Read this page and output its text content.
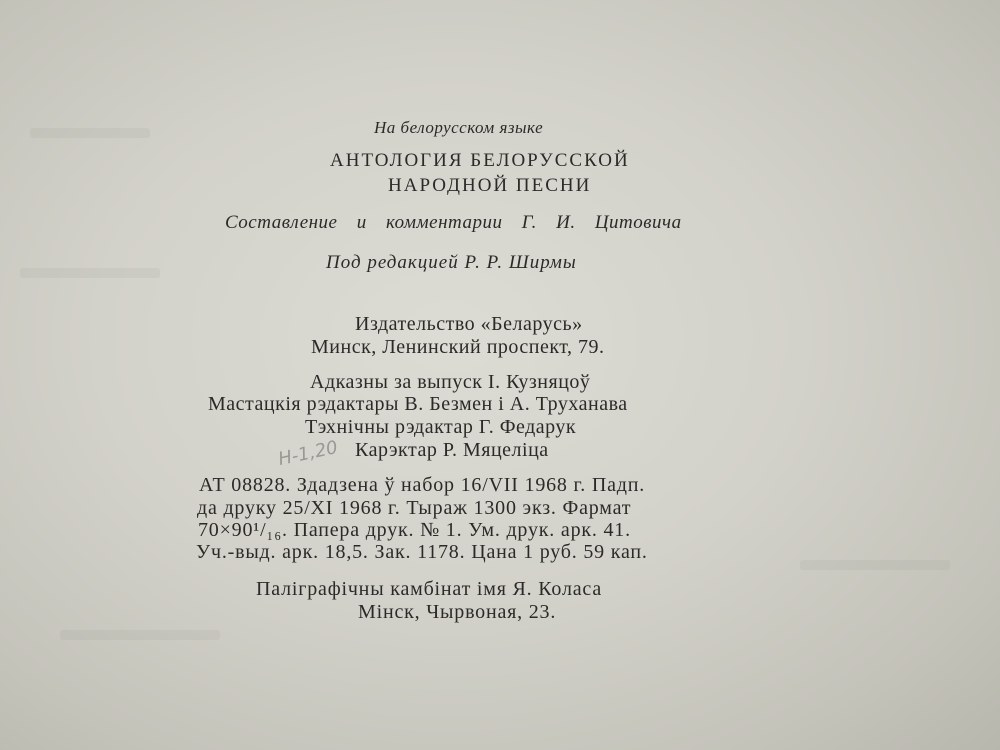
На белорусском языке
АНТОЛОГИЯ БЕЛОРУССКОЙ
НАРОДНОЙ ПЕСНИ
Составление и комментарии Г. И. Цитовича
Под редакцией Р. Р. Ширмы
Издательство «Беларусь»
Минск, Ленинский проспект, 79.
Адказны за выпуск І. Кузняцоў
Мастацкія рэдактары В. Безмен і А. Труханава
Тэхнічны рэдактар Г. Федарук
Карэктар Р. Мяцеліца
Н-1,20
АТ 08828. Здадзена ў набор 16/VII 1968 г. Падп.
да друку 25/XI 1968 г. Тыраж 1300 экз. Фармат
70×90¹/₁₆. Папера друк. № 1. Ум. друк. арк. 41.
Уч.-выд. арк. 18,5. Зак. 1178. Цана 1 руб. 59 кап.
Паліграфічны камбінат імя Я. Коласа
Мінск, Чырвоная, 23.
